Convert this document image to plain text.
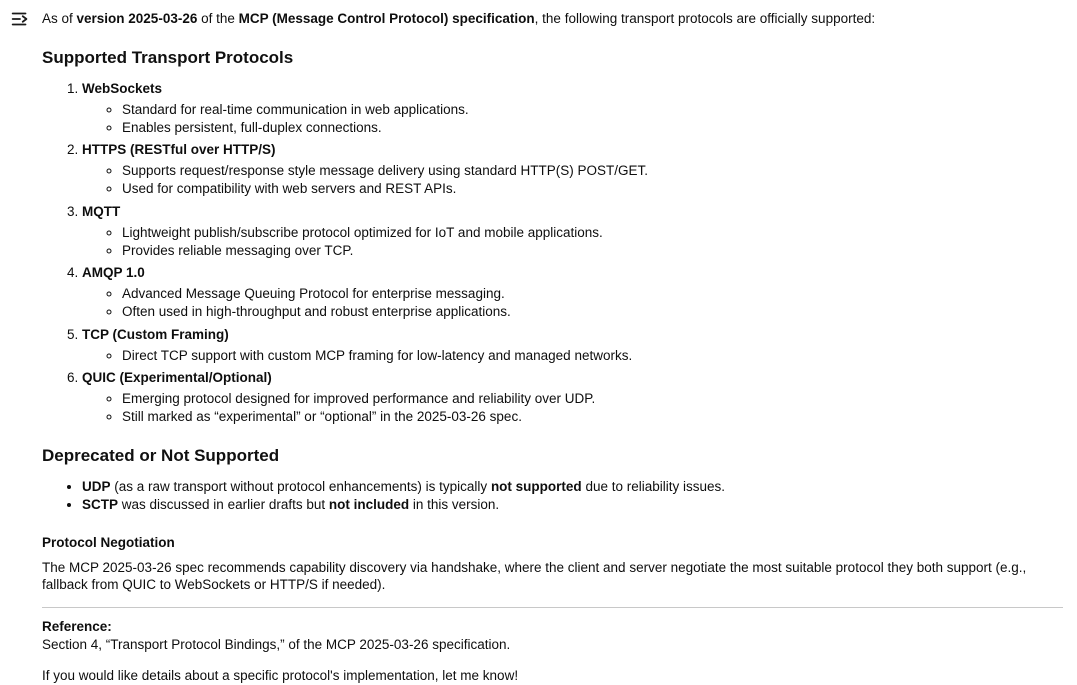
As of version 2025-03-26 of the MCP (Message Control Protocol) specification, the following transport protocols are officially supported:

Supported Transport Protocols
1. WebSockets
◦ Standard for real-time communication in web applications.
◦ Enables persistent, full-duplex connections.
2. HTTPS (RESTful over HTTP/S)
◦ Supports request/response style message delivery using standard HTTP(S) POST/GET.
◦ Used for compatibility with web servers and REST APIs.
3. MQTT
◦ Lightweight publish/subscribe protocol optimized for IoT and mobile applications.
◦ Provides reliable messaging over TCP.
4. AMQP 1.0
◦ Advanced Message Queuing Protocol for enterprise messaging.
◦ Often used in high-throughput and robust enterprise applications.
5. TCP (Custom Framing)
◦ Direct TCP support with custom MCP framing for low-latency and managed networks.
6. QUIC (Experimental/Optional)
◦ Emerging protocol designed for improved performance and reliability over UDP.
◦ Still marked as “experimental” or “optional” in the 2025-03-26 spec.
Deprecated or Not Supported
• UDP (as a raw transport without protocol enhancements) is typically not supported due to reliability issues.
• SCTP was discussed in earlier drafts but not included in this version.
Protocol Negotiation

The MCP 2025-03-26 spec recommends capability discovery via handshake, where the client and server negotiate the most suitable protocol they both support (e.g., fallback from QUIC to WebSockets or HTTP/S if needed).

Reference:
Section 4, “Transport Protocol Bindings,” of the MCP 2025-03-26 specification.

If you would like details about a specific protocol's implementation, let me know!
